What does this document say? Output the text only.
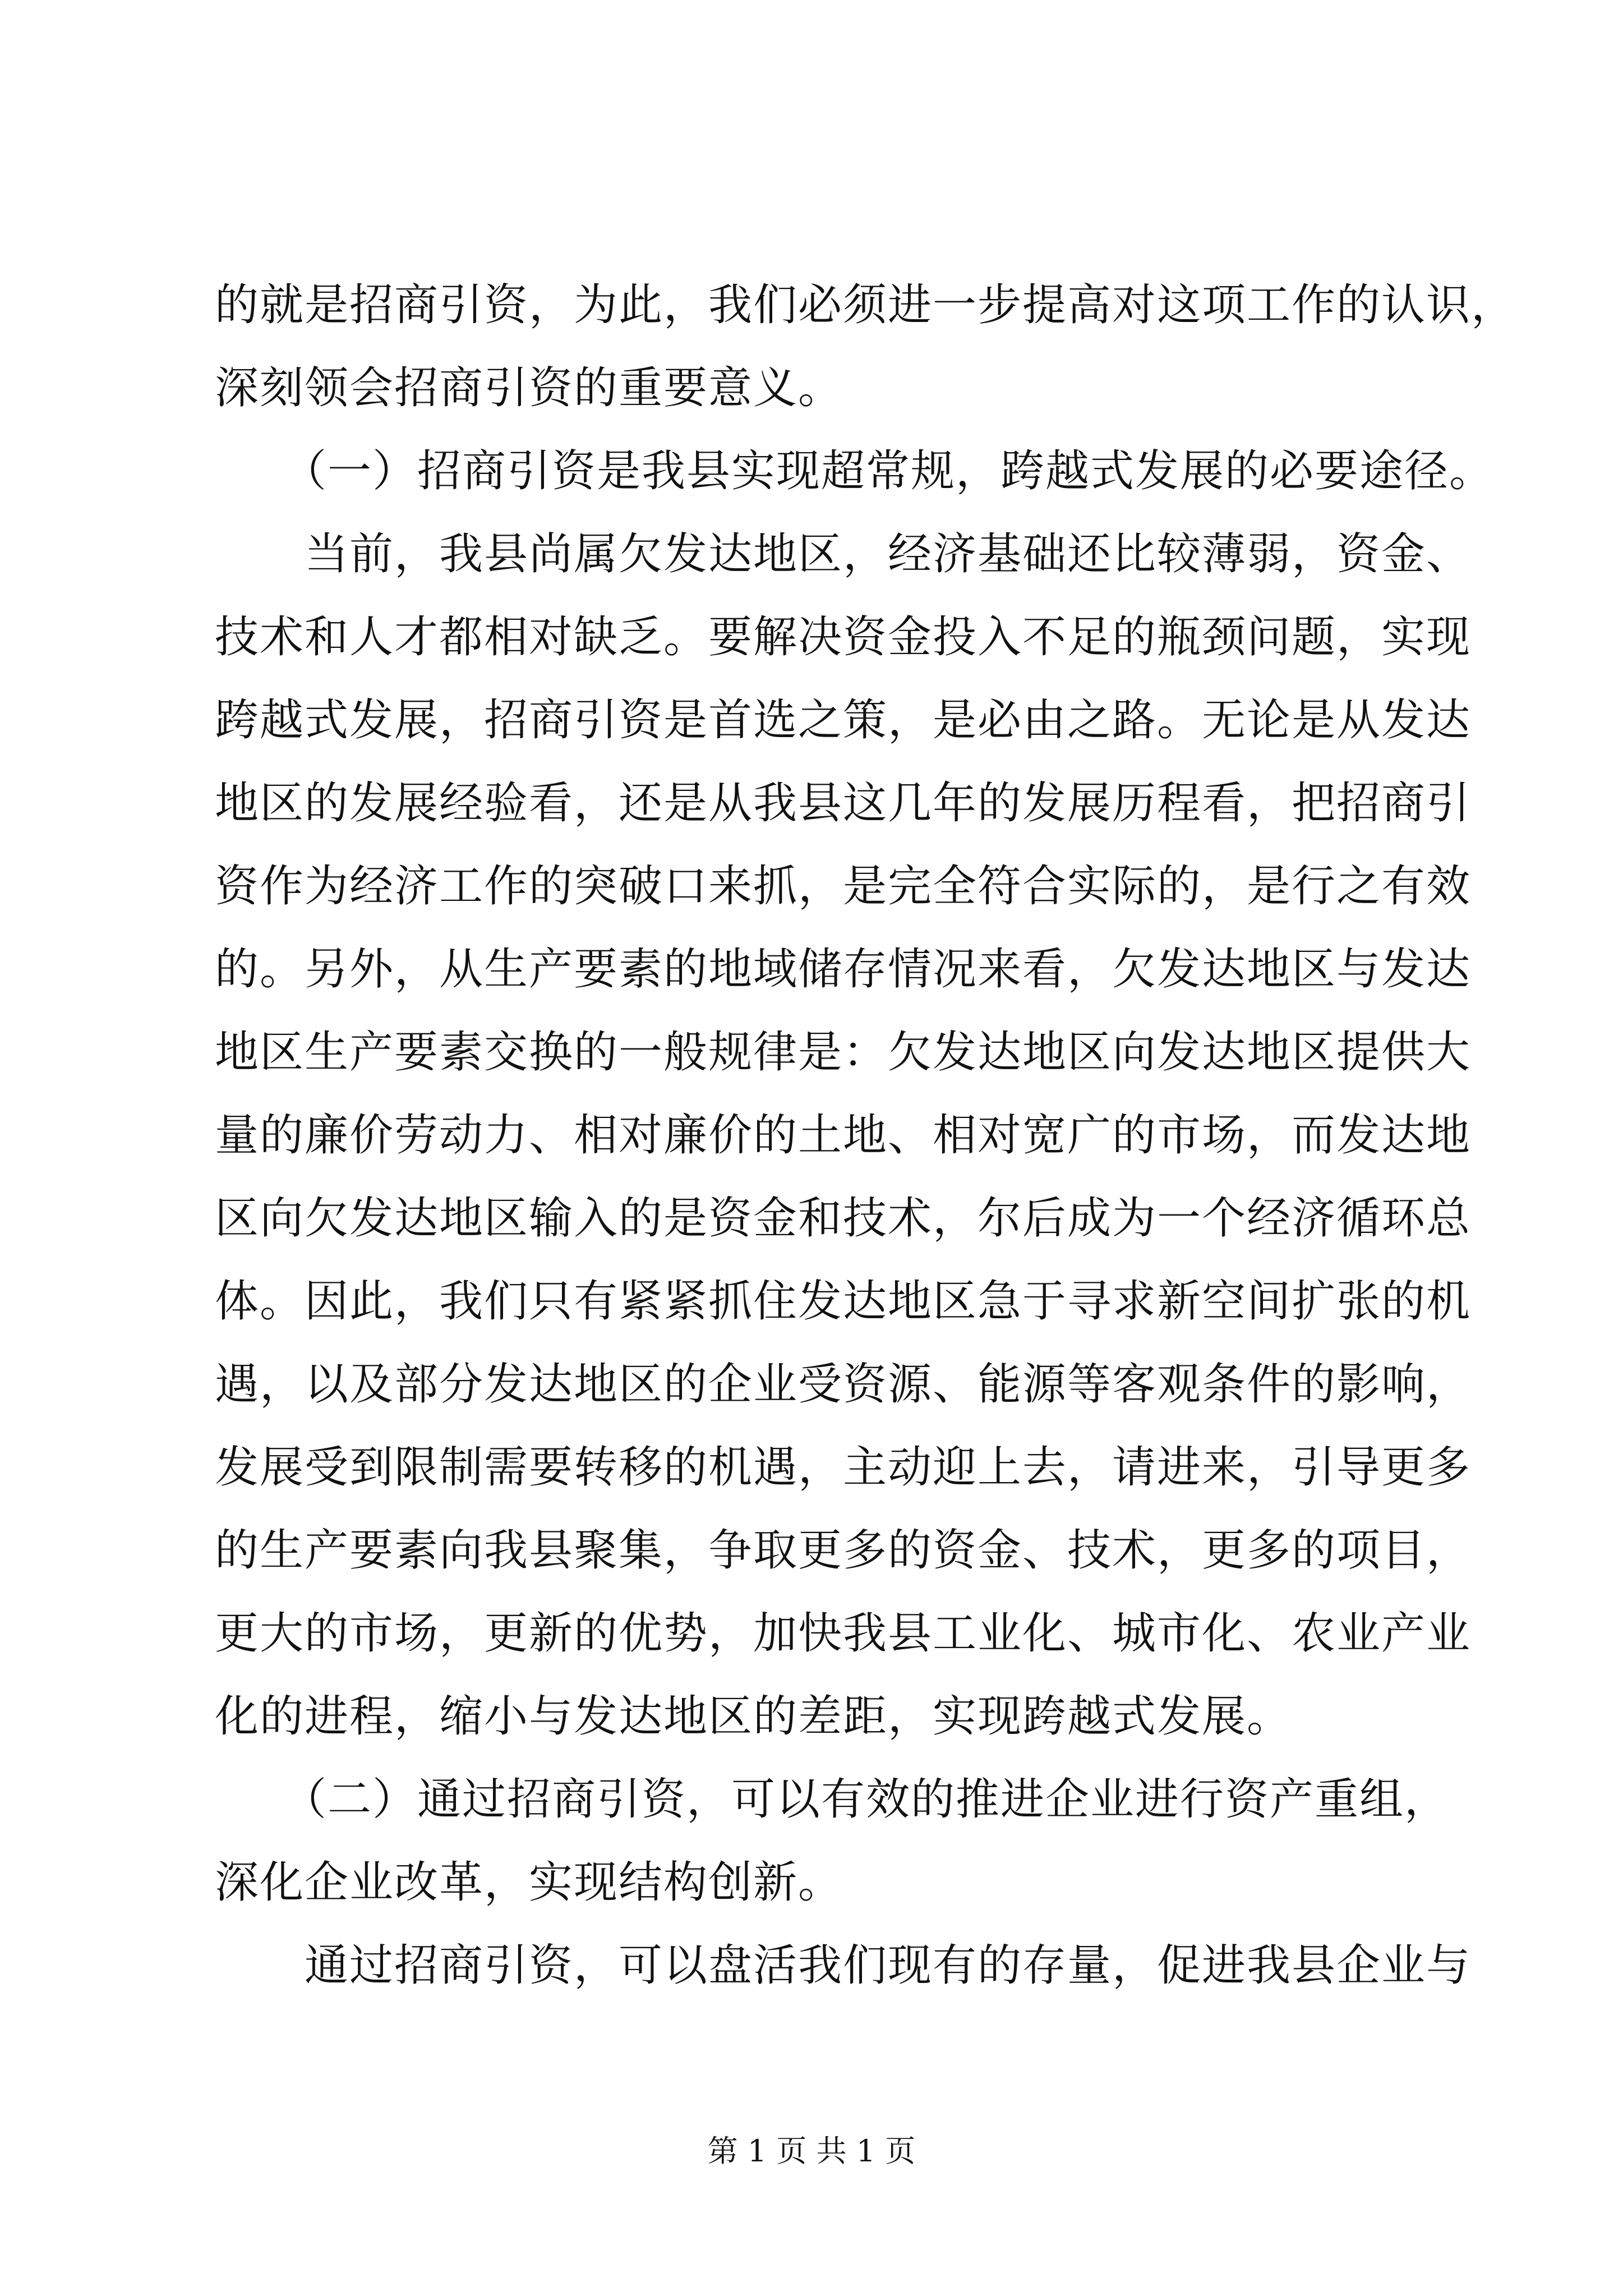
的就是招商引资，为此，我们必须进一步提高对这项工作的认识，
深刻领会招商引资的重要意义。
　　（一）招商引资是我县实现超常规，跨越式发展的必要途径。
　　当前，我县尚属欠发达地区，经济基础还比较薄弱，资金、
技术和人才都相对缺乏。要解决资金投入不足的瓶颈问题，实现
跨越式发展，招商引资是首选之策，是必由之路。无论是从发达
地区的发展经验看，还是从我县这几年的发展历程看，把招商引
资作为经济工作的突破口来抓，是完全符合实际的，是行之有效
的。另外，从生产要素的地域储存情况来看，欠发达地区与发达
地区生产要素交换的一般规律是：欠发达地区向发达地区提供大
量的廉价劳动力、相对廉价的土地、相对宽广的市场，而发达地
区向欠发达地区输入的是资金和技术，尔后成为一个经济循环总
体。因此，我们只有紧紧抓住发达地区急于寻求新空间扩张的机
遇，以及部分发达地区的企业受资源、能源等客观条件的影响，
发展受到限制需要转移的机遇，主动迎上去，请进来，引导更多
的生产要素向我县聚集，争取更多的资金、技术，更多的项目，
更大的市场，更新的优势，加快我县工业化、城市化、农业产业
化的进程，缩小与发达地区的差距，实现跨越式发展。
　　（二）通过招商引资，可以有效的推进企业进行资产重组，
深化企业改革，实现结构创新。
　　通过招商引资，可以盘活我们现有的存量，促进我县企业与
第 1 页 共 1 页
